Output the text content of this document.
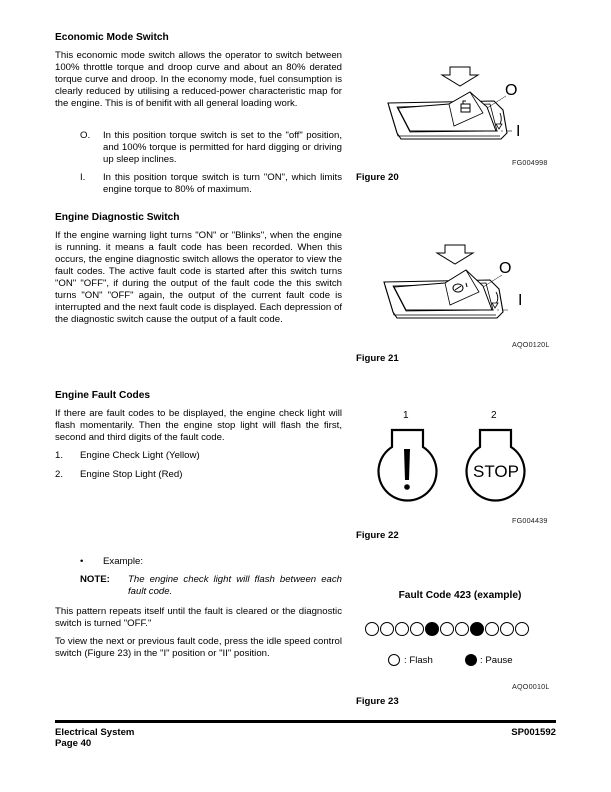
Economic Mode Switch
This economic mode switch allows the operator to switch between 100% throttle torque and droop curve and about an 80% derated torque curve and droop. In the economy mode, fuel consumption is clearly reduced by utilising a reduced-power characteristic map for the engine. This is of benifit with all general loading work.
O. In this position torque switch is set to the "off" position, and 100% torque is permitted for hard digging or driving up sleep inclines.
I. In this position torque switch is turn "ON", which limits engine torque to 80% of maximum.
Engine Diagnostic Switch
If the engine warning light turns "ON" or "Blinks", when the engine is running. it means a fault code has been recorded. When this occurs, the engine diagnostic switch allows the operator to view the fault codes. The active fault code is started after this switch turns "ON" "OFF", if during the output of the fault code the this switch turns "ON" "OFF" again, the output of the current fault code is interrupted and the next fault code is displayed. Each depression of the diagnostic switch cause the output of a fault code.
Engine Fault Codes
If there are fault codes to be displayed, the engine check light will flash momentarily. Then the engine stop light will flash the first, second and third digits of the fault code.
1. Engine Check Light (Yellow)
2. Engine Stop Light (Red)
• Example:
NOTE: The engine check light will flash between each fault code.
This pattern repeats itself until the fault is cleared or the diagnostic switch is turned "OFF."
To view the next or previous fault code, press the idle speed control switch (Figure 23) in the "I" position or "II" position.
O
I
FG004998
Figure 20
O
I
AQO0120L
Figure 21
1	2
STOP
FG004439
Figure 22
Fault Code 423 (example)
: Flash	: Pause
AQO0010L
Figure 23
Electrical System
Page 40
SP001592
